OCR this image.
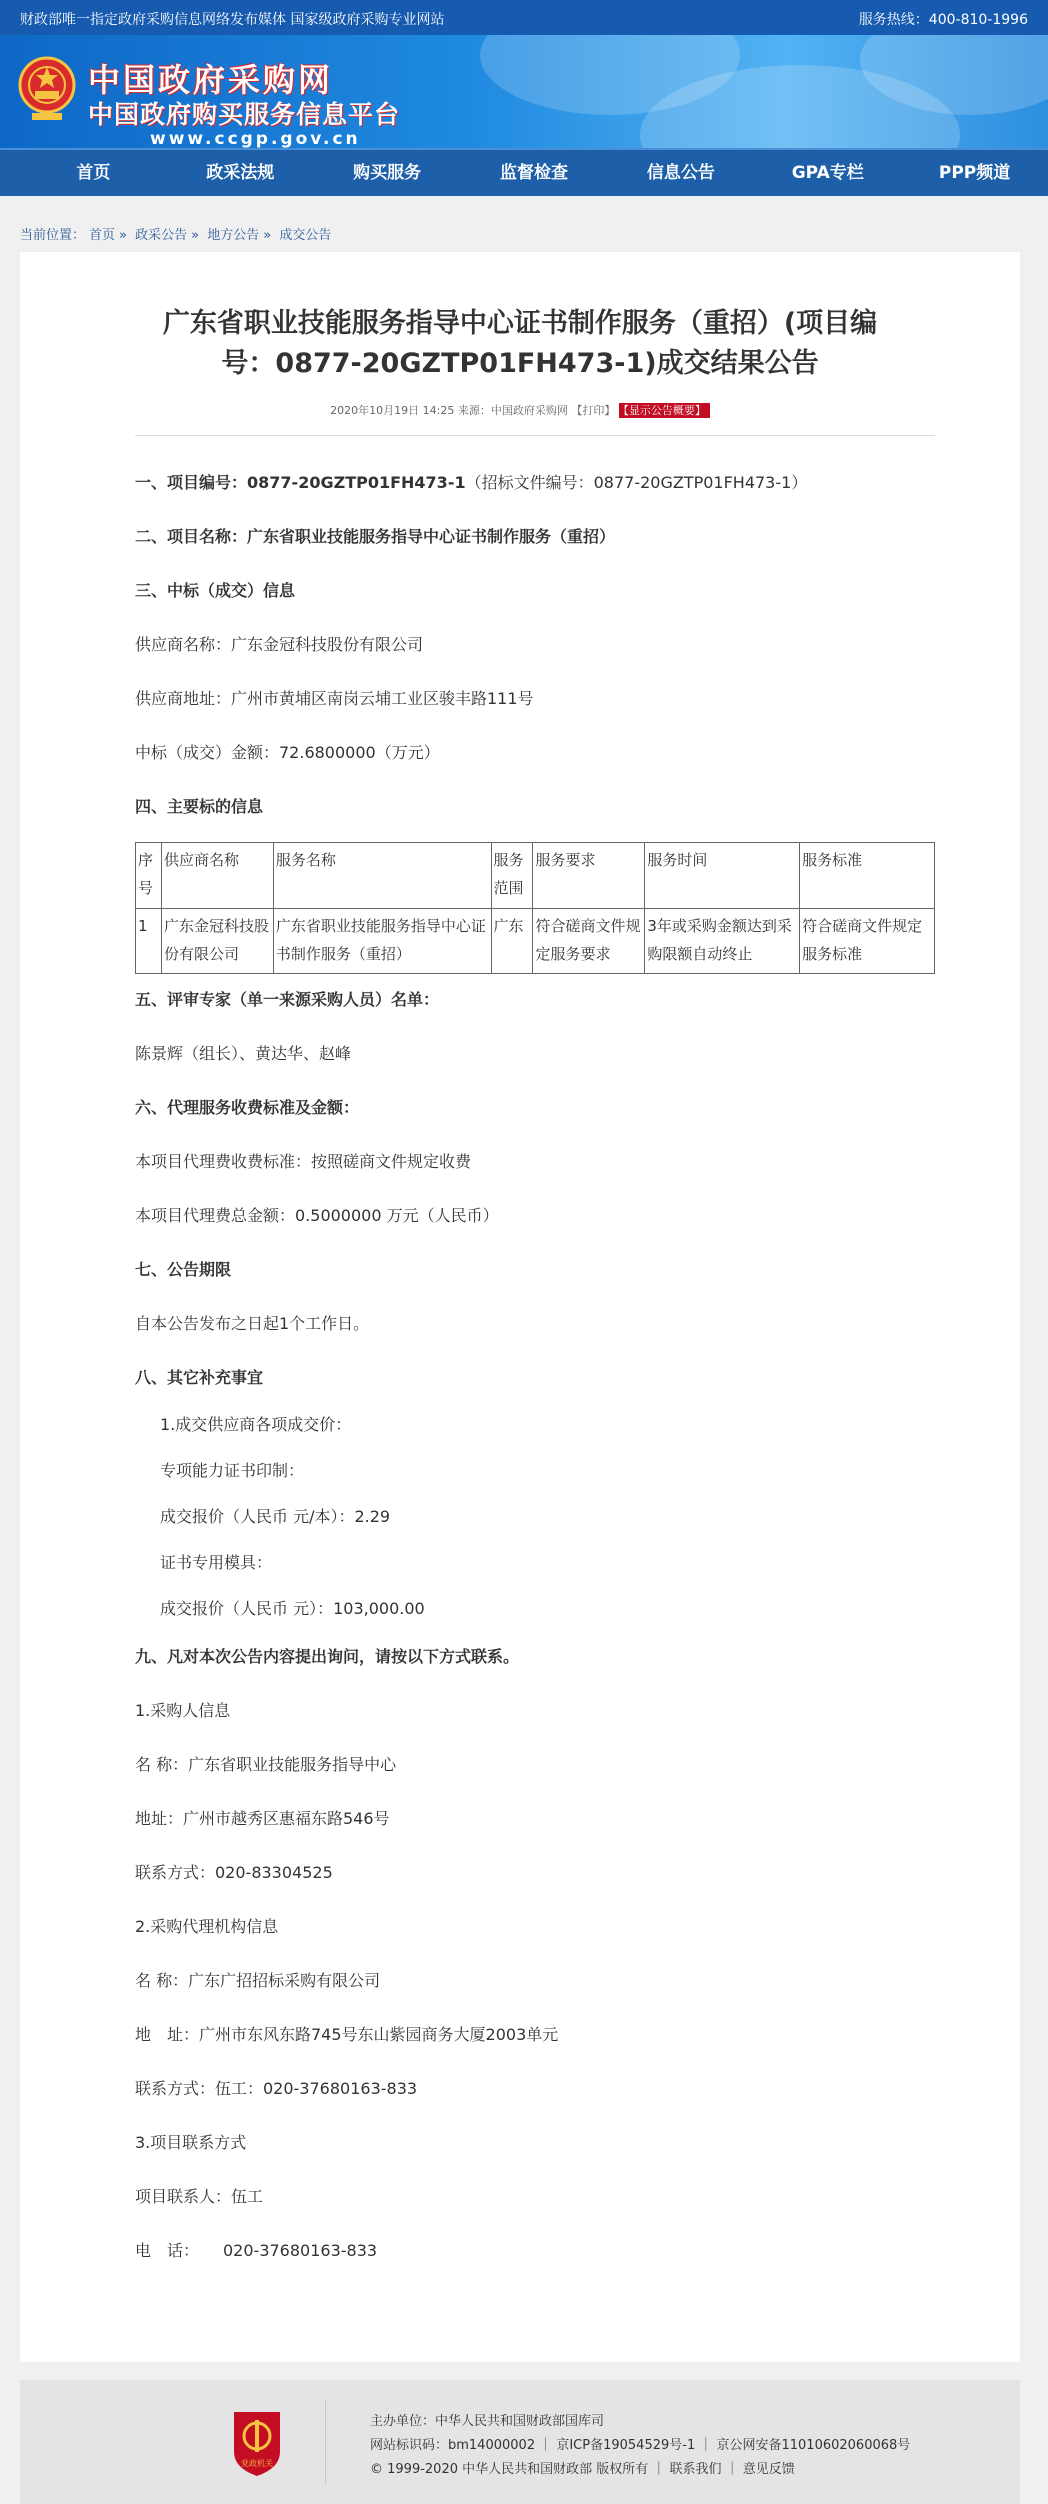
财政部唯一指定政府采购信息网络发布媒体 国家级政府采购专业网站	服务热线：400-810-1996
中国政府采购网
中国政府购买服务信息平台
www.ccgp.gov.cn
首页	政采法规	购买服务	监督检查	信息公告	GPA专栏	PPP频道
当前位置： 首页 » 政采公告 » 地方公告 » 成交公告
广东省职业技能服务指导中心证书制作服务（重招）(项目编
号：0877-20GZTP01FH473-1)成交结果公告
2020年10月19日 14:25 来源：中国政府采购网 【打印】 【显示公告概要】
一、项目编号：0877-20GZTP01FH473-1（招标文件编号：0877-20GZTP01FH473-1）
二、项目名称：广东省职业技能服务指导中心证书制作服务（重招）
三、中标（成交）信息
供应商名称：广东金冠科技股份有限公司
供应商地址：广州市黄埔区南岗云埔工业区骏丰路111号
中标（成交）金额：72.6800000（万元）
四、主要标的信息
序号	供应商名称	服务名称	服务范围	服务要求	服务时间	服务标准
1	广东金冠科技股份有限公司	广东省职业技能服务指导中心证书制作服务（重招）	广东	符合磋商文件规定服务要求	3年或采购金额达到采购限额自动终止	符合磋商文件规定服务标准
五、评审专家（单一来源采购人员）名单：
陈景辉（组长）、黄达华、赵峰
六、代理服务收费标准及金额：
本项目代理费收费标准：按照磋商文件规定收费
本项目代理费总金额：0.5000000 万元（人民币）
七、公告期限
自本公告发布之日起1个工作日。
八、其它补充事宜
1.成交供应商各项成交价：
专项能力证书印制：
成交报价（人民币 元/本）：2.29
证书专用模具：
成交报价（人民币 元）：103,000.00
九、凡对本次公告内容提出询问，请按以下方式联系。
1.采购人信息
名 称：广东省职业技能服务指导中心
地址：广州市越秀区惠福东路546号
联系方式：020-83304525
2.采购代理机构信息
名 称：广东广招招标采购有限公司
地　址：广州市东风东路745号东山紫园商务大厦2003单元
联系方式：伍工：020-37680163-833
3.项目联系方式
项目联系人：伍工
电　话：　　020-37680163-833
党政机关
主办单位：中华人民共和国财政部国库司
网站标识码：bm14000002 ｜ 京ICP备19054529号-1 ｜ 京公网安备11010602060068号
© 1999-2020 中华人民共和国财政部 版权所有 ｜ 联系我们 ｜ 意见反馈
